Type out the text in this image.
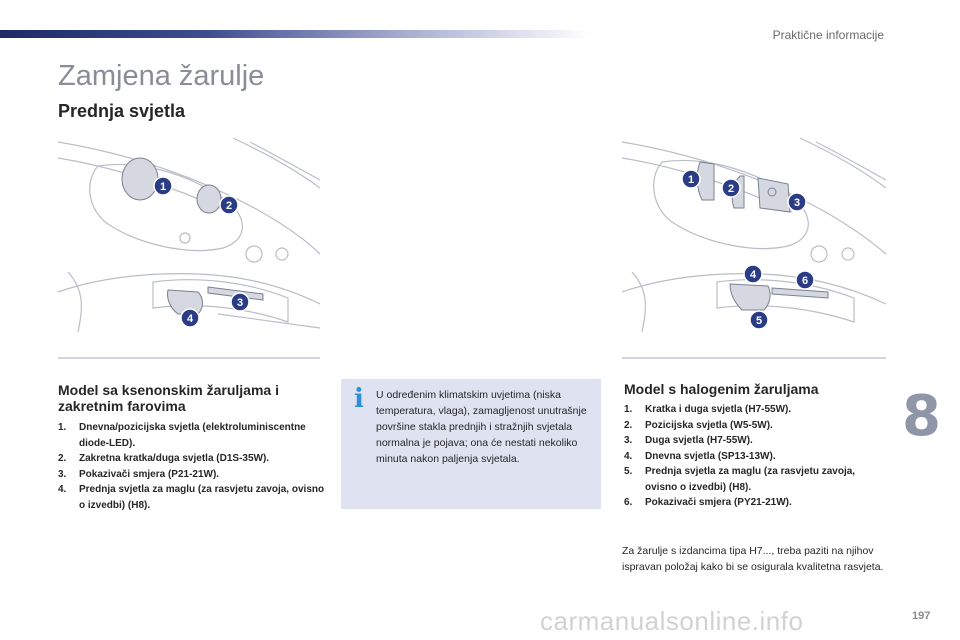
Praktične informacije
Zamjena žarulje
Prednja svjetla
1
2
3
4
1
2
3
4
5
6
Model sa ksenonskim žaruljama i zakretnim farovima
1. Dnevna/pozicijska svjetla (elektroluminiscentne diode-LED).
2. Zakretna kratka/duga svjetla (D1S-35W).
3. Pokazivači smjera (P21-21W).
4. Prednja svjetla za maglu (za rasvjetu zavoja, ovisno o izvedbi) (H8).
i	U određenim klimatskim uvjetima (niska temperatura, vlaga), zamagljenost unutrašnje površine stakla prednjih i stražnjih svjetala normalna je pojava; ona će nestati nekoliko minuta nakon paljenja svjetala.

Model s halogenim žaruljama
1. Kratka i duga svjetla (H7-55W).
2. Pozicijska svjetla (W5-5W).
3. Duga svjetla (H7-55W).
4. Dnevna svjetla (SP13-13W).
5. Prednja svjetla za maglu (za rasvjetu zavoja, ovisno o izvedbi) (H8).
6. Pokazivači smjera (PY21-21W).

Za žarulje s izdancima tipa H7..., treba paziti na njihov ispravan položaj kako bi se osigurala kvalitetna rasvjeta.

8
carmanualsonline.info	197
